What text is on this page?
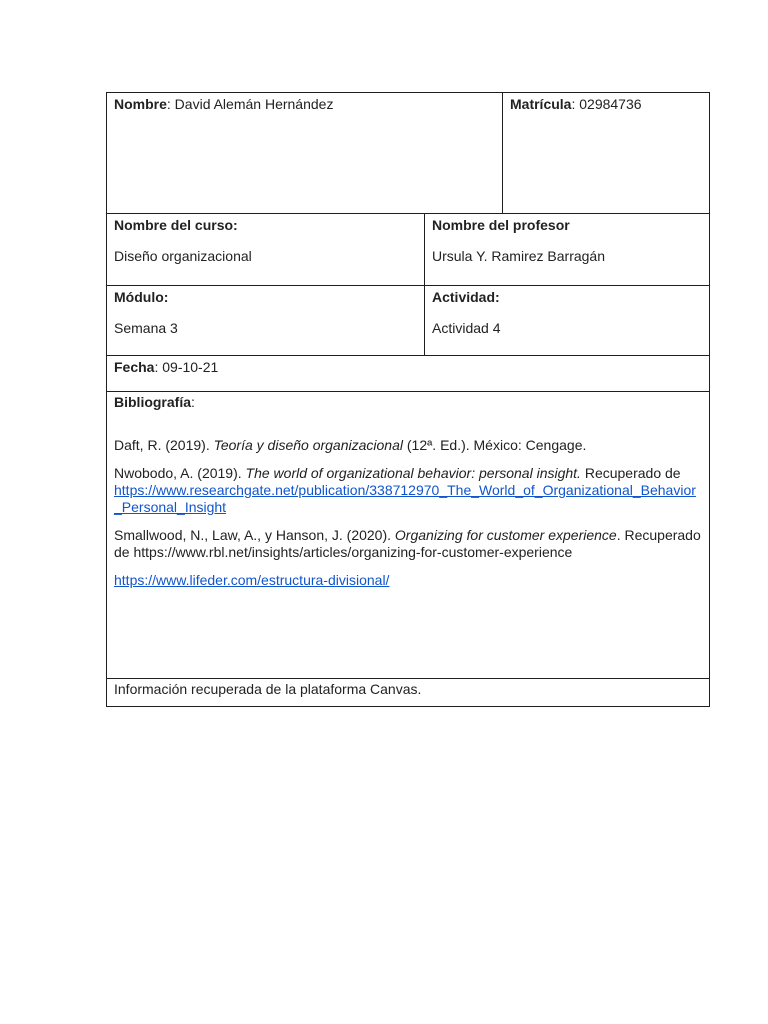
Nombre: David Alemán Hernández	Matrícula: 02984736
Nombre del curso:
Diseño organizacional
Nombre del profesor
Ursula Y. Ramirez Barragán
Módulo:
Semana 3
Actividad:
Actividad 4
Fecha: 09-10-21
Bibliografía:

Daft, R. (2019). Teoría y diseño organizacional (12ª. Ed.). México: Cengage.

Nwobodo, A. (2019). The world of organizational behavior: personal insight. Recuperado de
https://www.researchgate.net/publication/338712970_The_World_of_Organizational_Behavior_Personal_Insight

Smallwood, N., Law, A., y Hanson, J. (2020). Organizing for customer experience. Recuperado de https://www.rbl.net/insights/articles/organizing-for-customer-experience

https://www.lifeder.com/estructura-divisional/

Información recuperada de la plataforma Canvas.
